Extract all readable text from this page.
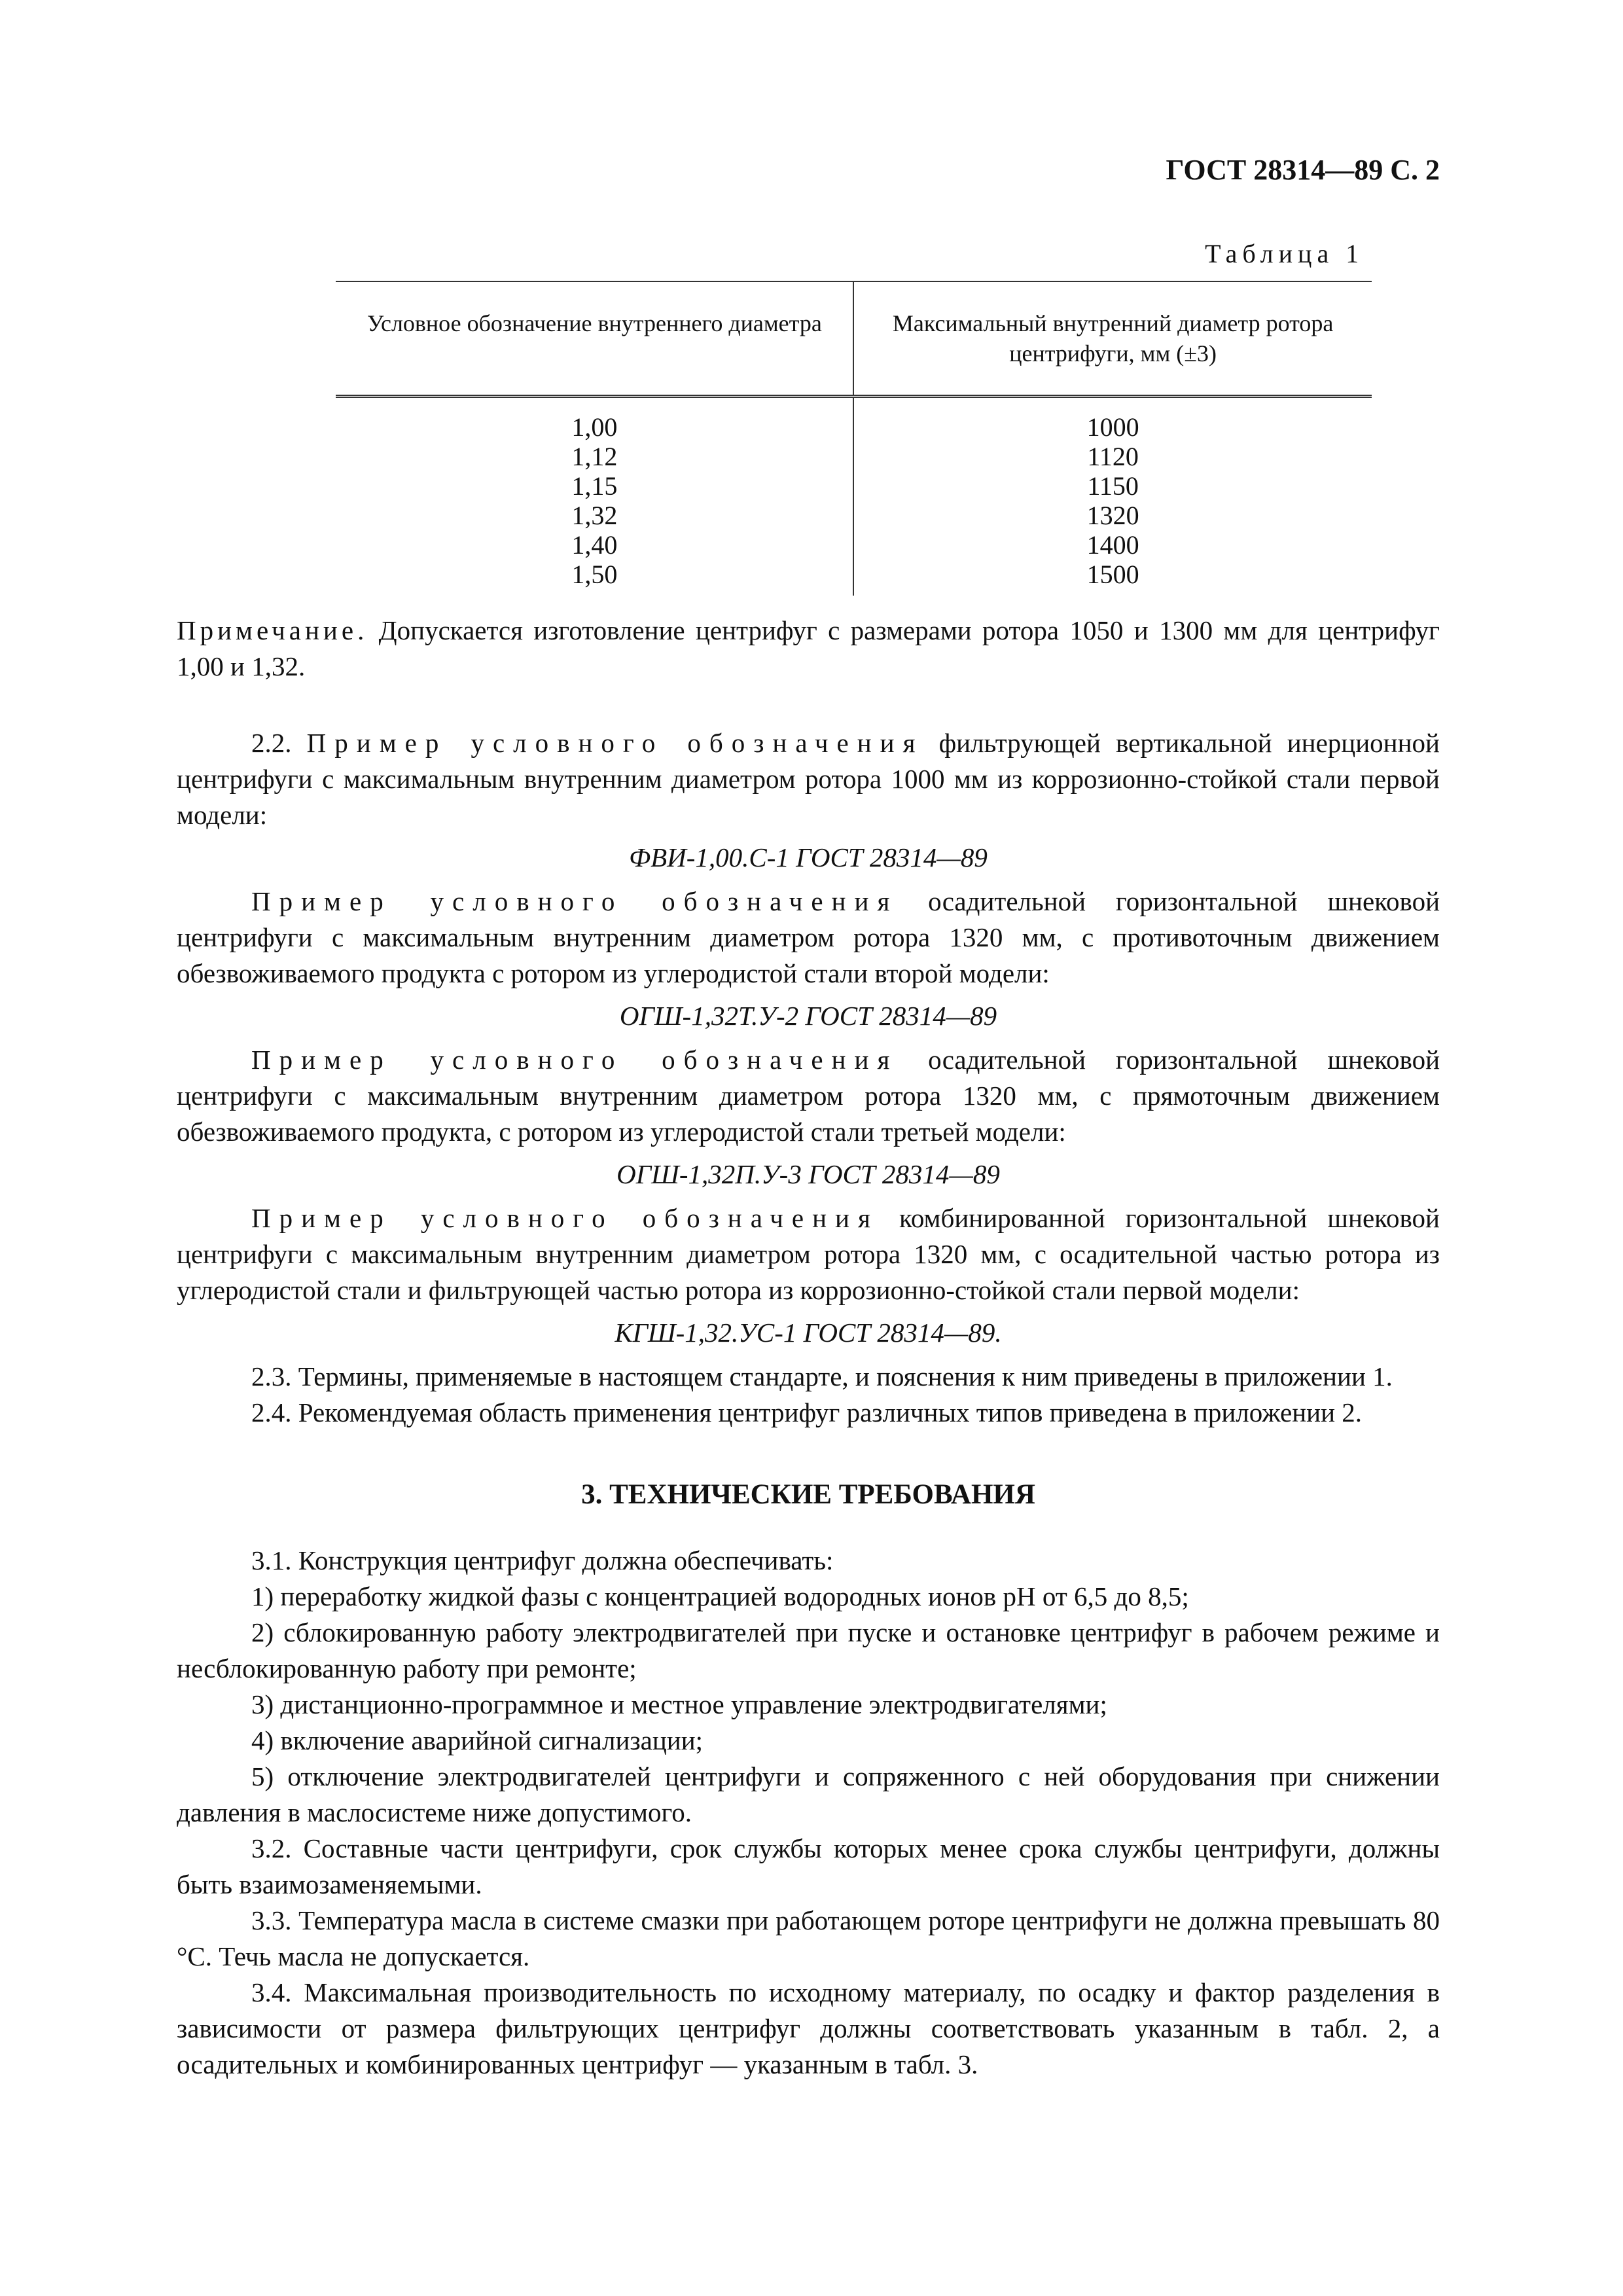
ГОСТ 28314—89 С. 2
Таблица 1
Условное обозначение внутреннего диаметра	Максимальный внутренний диаметр ротора центрифуги, мм (±3)
1,00	1000
1,12	1120
1,15	1150
1,32	1320
1,40	1400
1,50	1500

Примечание. Допускается изготовление центрифуг с размерами ротора 1050 и 1300 мм для центрифуг 1,00 и 1,32.

2.2. Пример условного обозначения фильтрующей вертикальной инерционной центрифуги с максимальным внутренним диаметром ротора 1000 мм из коррозионно-стойкой стали первой модели:

ФВИ-1,00.С-1 ГОСТ 28314—89

Пример условного обозначения осадительной горизонтальной шнековой центрифуги с максимальным внутренним диаметром ротора 1320 мм, с противоточным движением обезвоживаемого продукта с ротором из углеродистой стали второй модели:

ОГШ-1,32Т.У-2 ГОСТ 28314—89

Пример условного обозначения осадительной горизонтальной шнековой центрифуги с максимальным внутренним диаметром ротора 1320 мм, с прямоточным движением обезвоживаемого продукта, с ротором из углеродистой стали третьей модели:

ОГШ-1,32П.У-3 ГОСТ 28314—89

Пример условного обозначения комбинированной горизонтальной шнековой центрифуги с максимальным внутренним диаметром ротора 1320 мм, с осадительной частью ротора из углеродистой стали и фильтрующей частью ротора из коррозионно-стойкой стали первой модели:

КГШ-1,32.УС-1 ГОСТ 28314—89.

2.3. Термины, применяемые в настоящем стандарте, и пояснения к ним приведены в приложении 1.

2.4. Рекомендуемая область применения центрифуг различных типов приведена в приложении 2.

3. ТЕХНИЧЕСКИЕ ТРЕБОВАНИЯ

3.1. Конструкция центрифуг должна обеспечивать:

1) переработку жидкой фазы с концентрацией водородных ионов pH от 6,5 до 8,5;

2) сблокированную работу электродвигателей при пуске и остановке центрифуг в рабочем режиме и несблокированную работу при ремонте;

3) дистанционно-программное и местное управление электродвигателями;

4) включение аварийной сигнализации;

5) отключение электродвигателей центрифуги и сопряженного с ней оборудования при снижении давления в маслосистеме ниже допустимого.

3.2. Составные части центрифуги, срок службы которых менее срока службы центрифуги, должны быть взаимозаменяемыми.

3.3. Температура масла в системе смазки при работающем роторе центрифуги не должна превышать 80 °С. Течь масла не допускается.

3.4. Максимальная производительность по исходному материалу, по осадку и фактор разделения в зависимости от размера фильтрующих центрифуг должны соответствовать указанным в табл. 2, а осадительных и комбинированных центрифуг — указанным в табл. 3.
